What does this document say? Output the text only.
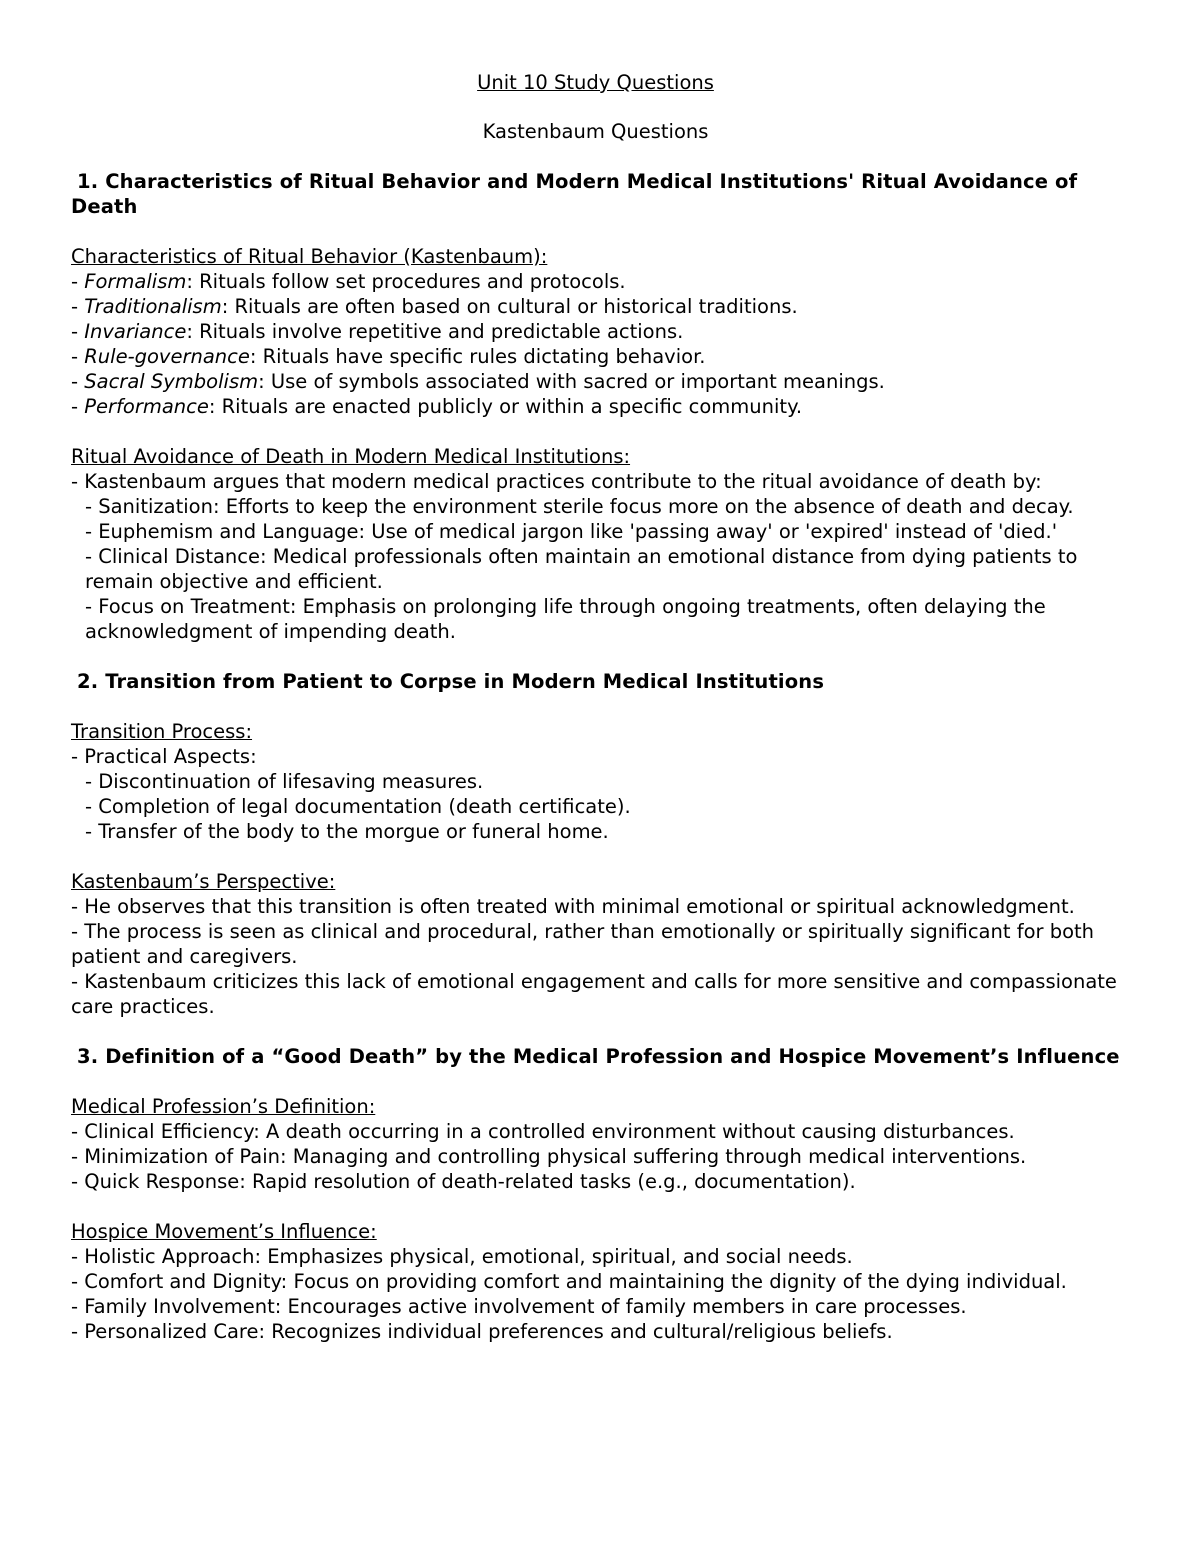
Unit 10 Study Questions
Kastenbaum Questions
1. Characteristics of Ritual Behavior and Modern Medical Institutions' Ritual Avoidance of Death
Characteristics of Ritual Behavior (Kastenbaum):
- Formalism: Rituals follow set procedures and protocols.
- Traditionalism: Rituals are often based on cultural or historical traditions.
- Invariance: Rituals involve repetitive and predictable actions.
- Rule-governance: Rituals have specific rules dictating behavior.
- Sacral Symbolism: Use of symbols associated with sacred or important meanings.
- Performance: Rituals are enacted publicly or within a specific community.
Ritual Avoidance of Death in Modern Medical Institutions:
- Kastenbaum argues that modern medical practices contribute to the ritual avoidance of death by:
- Sanitization: Efforts to keep the environment sterile focus more on the absence of death and decay.
- Euphemism and Language: Use of medical jargon like 'passing away' or 'expired' instead of 'died.'
- Clinical Distance: Medical professionals often maintain an emotional distance from dying patients to remain objective and efficient.
- Focus on Treatment: Emphasis on prolonging life through ongoing treatments, often delaying the acknowledgment of impending death.
2. Transition from Patient to Corpse in Modern Medical Institutions
Transition Process:
- Practical Aspects:
- Discontinuation of lifesaving measures.
- Completion of legal documentation (death certificate).
- Transfer of the body to the morgue or funeral home.
Kastenbaum’s Perspective:
- He observes that this transition is often treated with minimal emotional or spiritual acknowledgment.
- The process is seen as clinical and procedural, rather than emotionally or spiritually significant for both patient and caregivers.
- Kastenbaum criticizes this lack of emotional engagement and calls for more sensitive and compassionate care practices.
3. Definition of a “Good Death” by the Medical Profession and Hospice Movement’s Influence
Medical Profession’s Definition:
- Clinical Efficiency: A death occurring in a controlled environment without causing disturbances.
- Minimization of Pain: Managing and controlling physical suffering through medical interventions.
- Quick Response: Rapid resolution of death-related tasks (e.g., documentation).
Hospice Movement’s Influence:
- Holistic Approach: Emphasizes physical, emotional, spiritual, and social needs.
- Comfort and Dignity: Focus on providing comfort and maintaining the dignity of the dying individual.
- Family Involvement: Encourages active involvement of family members in care processes.
- Personalized Care: Recognizes individual preferences and cultural/religious beliefs.
